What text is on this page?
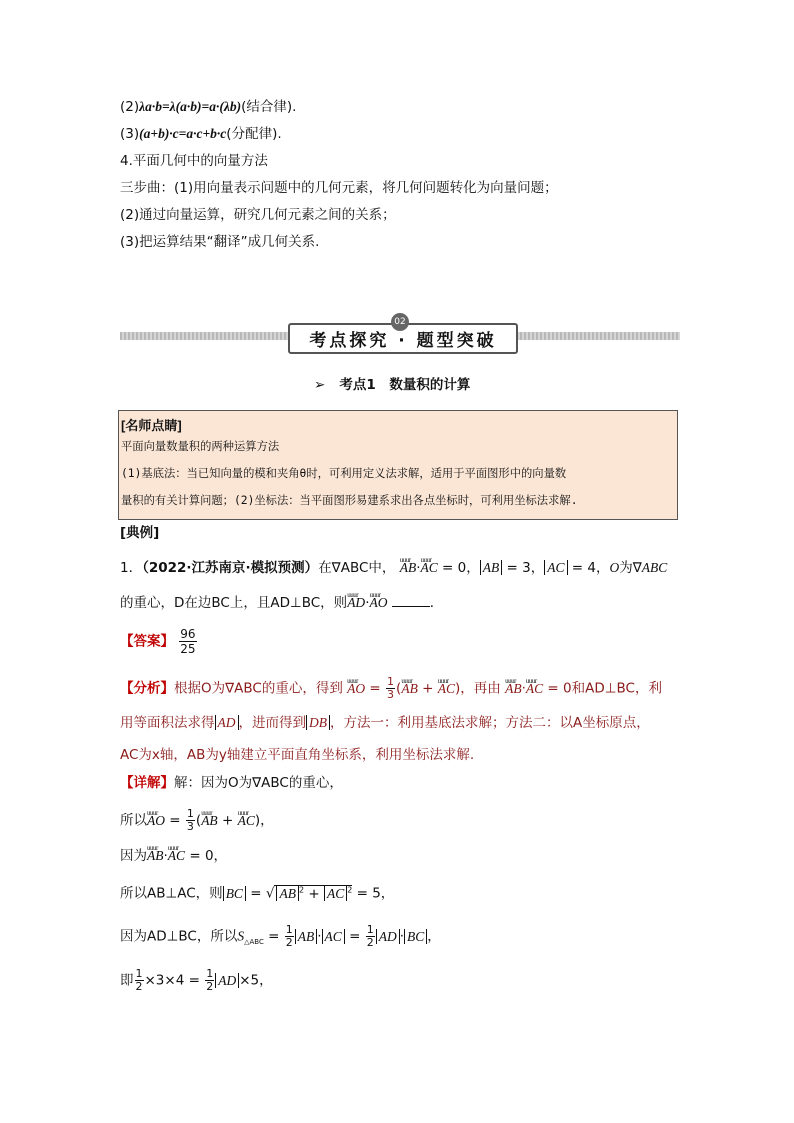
(2)λa·b=λ(a·b)=a·(λb)(结合律).
(3)(a+b)·c=a·c+b·c(分配律).
4.平面几何中的向量方法
三步曲：(1)用向量表示问题中的几何元素，将几何问题转化为向量问题；
(2)通过向量运算，研究几何元素之间的关系；
(3)把运算结果“翻译”成几何关系.
考点探究 · 题型突破
02
➢ 考点1　数量积的计算
[名师点睛]
平面向量数量积的两种运算方法
(1)基底法：当已知向量的模和夹角θ时，可利用定义法求解，适用于平面图形中的向量数
量积的有关计算问题；(2)坐标法：当平面图形易建系求出各点坐标时，可利用坐标法求解.
[典例]
1．（2022·江苏南京·模拟预测）在∇ABC中， uuur AB·uuur AC = 0， AB = 3， AC = 4，O为∇ABC
的重心，D在边BC上，且AD⊥BC，则uuur AD·uuur AO	．
【答案】 $\frac{96}{25}$
【分析】根据O为∇ABC的重心，得到 uuur AO = $\frac{1}{3}$ (uuur AB + uuur AC)，再由 uuur AB·uuur AC = 0和AD⊥BC，利
用等面积法求得 AD ，进而得到 DB ，方法一：利用基底法求解；方法二：以A坐标原点，
AC为x轴，AB为y轴建立平面直角坐标系，利用坐标法求解.
【详解】解：因为O为∇ABC的重心，
所以uuur AO = $\frac{1}{3}$ (uuur AB + uuur AC)，
因为uuur AB·uuur AC = 0，
所以AB⊥AC，则 BC = √ AB $^2$ + AC $^2$ = 5，
因为AD⊥BC，所以$S_{\triangle ABC} = \frac{1}{2}$ AB · AC = $\frac{1}{2}$ AD · BC ，
即 $\frac{1}{2} \times 3\times 4 = \frac{1}{2}$ AD ×5，
